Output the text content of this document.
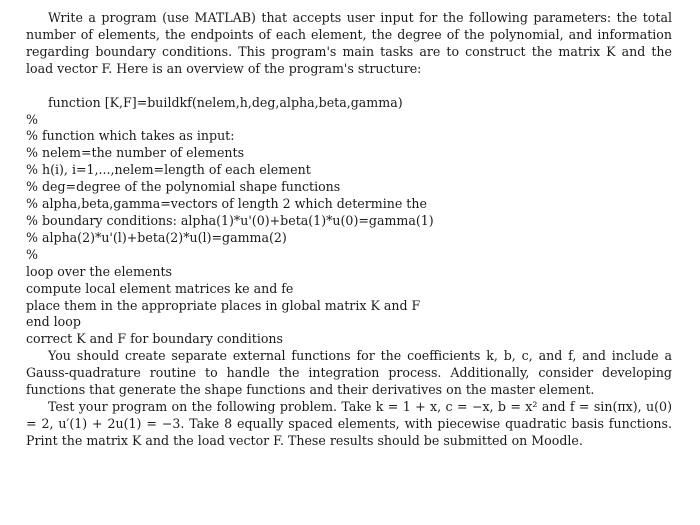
Write a program (use MATLAB) that accepts user input for the following parameters: the total number of elements, the endpoints of each element, the degree of the polynomial, and information regarding boundary conditions. This program's main tasks are to construct the matrix K and the load vector F. Here is an overview of the program's structure:

function [K,F]=buildkf(nelem,h,deg,alpha,beta,gamma)
%
% function which takes as input:
% nelem=the number of elements
% h(i), i=1,...,nelem=length of each element
% deg=degree of the polynomial shape functions
% alpha,beta,gamma=vectors of length 2 which determine the
% boundary conditions: alpha(1)*u'(0)+beta(1)*u(0)=gamma(1)
% alpha(2)*u'(l)+beta(2)*u(l)=gamma(2)
%
loop over the elements
compute local element matrices ke and fe
place them in the appropriate places in global matrix K and F
end loop
correct K and F for boundary conditions

You should create separate external functions for the coefficients k, b, c, and f, and include a Gauss-quadrature routine to handle the integration process. Additionally, consider developing functions that generate the shape functions and their derivatives on the master element.

Test your program on the following problem. Take k = 1 + x, c = −x, b = x² and f = sin(πx), u(0) = 2, u′(1) + 2u(1) = −3. Take 8 equally spaced elements, with piecewise quadratic basis functions. Print the matrix K and the load vector F. These results should be submitted on Moodle.
